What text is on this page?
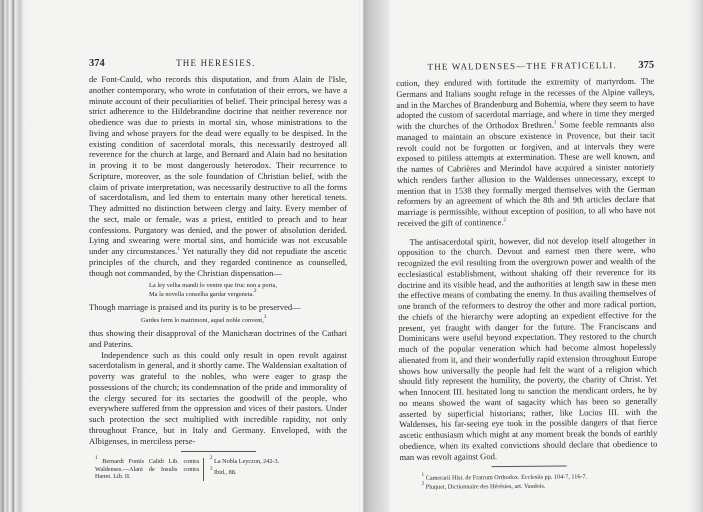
374	THE HERESIES.

de Font-Cauld, who records this disputation, and from Alain de l'Isle, another contemporary, who wrote in confutation of their errors, we have a minute account of their peculiarities of belief. Their principal heresy was a strict adherence to the Hildebrandine doctrine that neither reverence nor obedience was due to priests in mortal sin, whose ministrations to the living and whose prayers for the dead were equally to be despised. In the existing condition of sacerdotal morals, this necessarily destroyed all reverence for the church at large, and Bernard and Alain had no hesitation in proving it to be most dangerously heterodox. Their recurrence to Scripture, moreover, as the sole foundation of Christian belief, with the claim of private interpretation, was necessarily destructive to all the forms of sacerdotalism, and led them to entertain many other heretical tenets. They admitted no distinction between clergy and laity. Every member of the sect, male or female, was a priest, entitled to preach and to hear confessions. Purgatory was denied, and the power of absolution derided. Lying and swearing were mortal sins, and homicide was not excusable under any circumstances.$^1$ Yet naturally they did not repudiate the ascetic principles of the church, and they regarded continence as counselled, though not commanded, by the Christian dispensation—

La ley velha mandi lo ventre que fruc non a porta,
Ma la novella conselha gardar vergeneta.$^2$

Though marriage is praised and its purity is to be preserved—

Gardes ferm lo matrimoni, aquel noble convent,$^3$

thus showing their disapproval of the Manichæan doctrines of the Cathari and Paterins.

Independence such as this could only result in open revolt against sacerdotalism in general, and it shortly came. The Waldensian exaltation of poverty was grateful to the nobles, who were eager to grasp the possessions of the church; its condemnation of the pride and immorality of the clergy secured for its sectaries the goodwill of the people, who everywhere suffered from the oppression and vices of their pastors. Under such protection the sect multiplied with incredible rapidity, not only throughout France, but in Italy and Germany. Enveloped, with the Albigenses, in merciless perse-

$^1$ Bernardi Fontis Calidi Lib. contra Waldenses.—Alani de Insulis contra Hæret. Lib. II.
$^2$ La Nobla Leyczon, 242-3.
$^3$ Ibid., 88.
THE WALDENSES—THE FRATICELLI.	375

cution, they endured with fortitude the extremity of martyrdom. The Germans and Italians sought refuge in the recesses of the Alpine valleys, and in the Marches of Brandenburg and Bohemia, where they seem to have adopted the custom of sacerdotal marriage, and where in time they merged with the churches of the Orthodox Brethren.$^1$ Some feeble remnants also managed to maintain an obscure existence in Provence, but their tacit revolt could not be forgotten or forgiven, and at intervals they were exposed to pitiless attempts at extermination. These are well known, and the names of Cabrières and Merindol have acquired a sinister notoriety which renders farther allusion to the Waldenses unnecessary, except to mention that in 1538 they formally merged themselves with the German reformers by an agreement of which the 8th and 9th articles declare that marriage is permissible, without exception of position, to all who have not received the gift of continence.$^2$

The antisacerdotal spirit, however, did not develop itself altogether in opposition to the church. Devout and earnest men there were, who recognized the evil resulting from the overgrown power and wealth of the ecclesiastical establishment, without shaking off their reverence for its doctrine and its visible head, and the authorities at length saw in these men the effective means of combating the enemy. In thus availing themselves of one branch of the reformers to destroy the other and more radical portion, the chiefs of the hierarchy were adopting an expedient effective for the present, yet fraught with danger for the future. The Franciscans and Dominicans were useful beyond expectation. They restored to the church much of the popular veneration which had become almost hopelessly alienated from it, and their wonderfully rapid extension throughout Europe shows how universally the people had felt the want of a religion which should fitly represent the humility, the poverty, the charity of Christ. Yet when Innocent III. hesitated long to sanction the mendicant orders, he by no means showed the want of sagacity which has been so generally asserted by superficial historians; rather, like Lucius III. with the Waldenses, his far-seeing eye took in the possible dangers of that fierce ascetic enthusiasm which might at any moment break the bonds of earthly obedience, when its exalted convictions should declare that obedience to man was revolt against God.

$^1$ Camerarii Hist. de Fratrum Orthodox. Ecclesiis pp. 104-7, 116-7.
$^2$ Pluquet, Dictionnaire des Hérésies, art. Vaudois.
